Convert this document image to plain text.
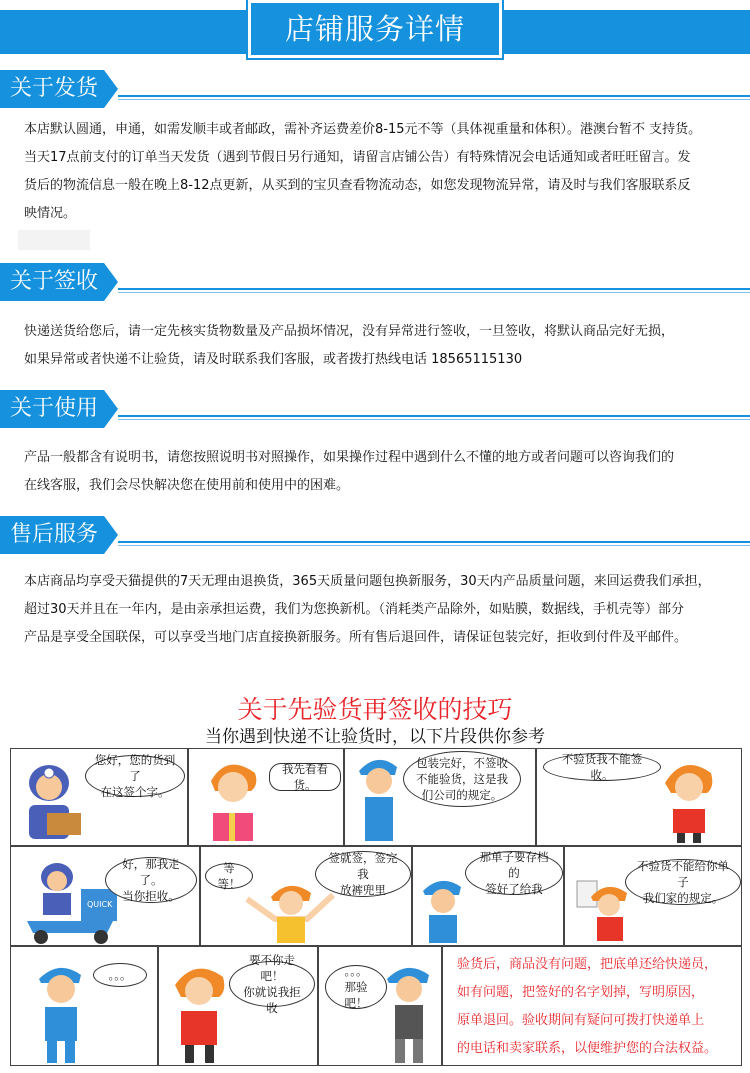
店铺服务详情
关于发货

本店默认圆通，申通，如需发顺丰或者邮政，需补齐运费差价8-15元不等（具体视重量和体积）。港澳台暂不 支持货。

当天17点前支付的订单当天发货（遇到节假日另行通知，请留言店铺公告）有特殊情况会电话通知或者旺旺留言。发

货后的物流信息一般在晚上8-12点更新，从买到的宝贝查看物流动态，如您发现物流异常，请及时与我们客服联系反

映情况。

关于签收

快递送货给您后，请一定先核实货物数量及产品损坏情况，没有异常进行签收，一旦签收，将默认商品完好无损，

如果异常或者快递不让验货，请及时联系我们客服，或者拨打热线电话 18565115130

关于使用

产品一般都含有说明书，请您按照说明书对照操作，如果操作过程中遇到什么不懂的地方或者问题可以咨询我们的

在线客服，我们会尽快解决您在使用前和使用中的困难。

售后服务

本店商品均享受天猫提供的7天无理由退换货，365天质量问题包换新服务，30天内产品质量问题，来回运费我们承担，

超过30天并且在一年内，是由亲承担运费，我们为您换新机。（消耗类产品除外，如贴膜，数据线，手机壳等）部分

产品是享受全国联保，可以享受当地门店直接换新服务。所有售后退回件，请保证包装完好，拒收到付件及平邮件。

关于先验货再签收的技巧
当你遇到快递不让验货时，以下片段供你参考
您好，您的货到了
在这签个字。
我先看看货。
包装完好，不签收
不能验货，这是我
们公司的规定。
不验货我不能签收。
QUICK
好，那我走了。
当你拒收。
等等！
签就签，签完我
放裤兜里
那单子要存档的
签好了给我
不验货不能给你单子
我们家的规定。
。。。
要不你走吧！
你就说我拒收
。。。
那验吧！
验货后，商品没有问题，把底单还给快递员，
如有问题，把签好的名字划掉，写明原因，
原单退回。验收期间有疑问可拨打快递单上
的电话和卖家联系，以便维护您的合法权益。
